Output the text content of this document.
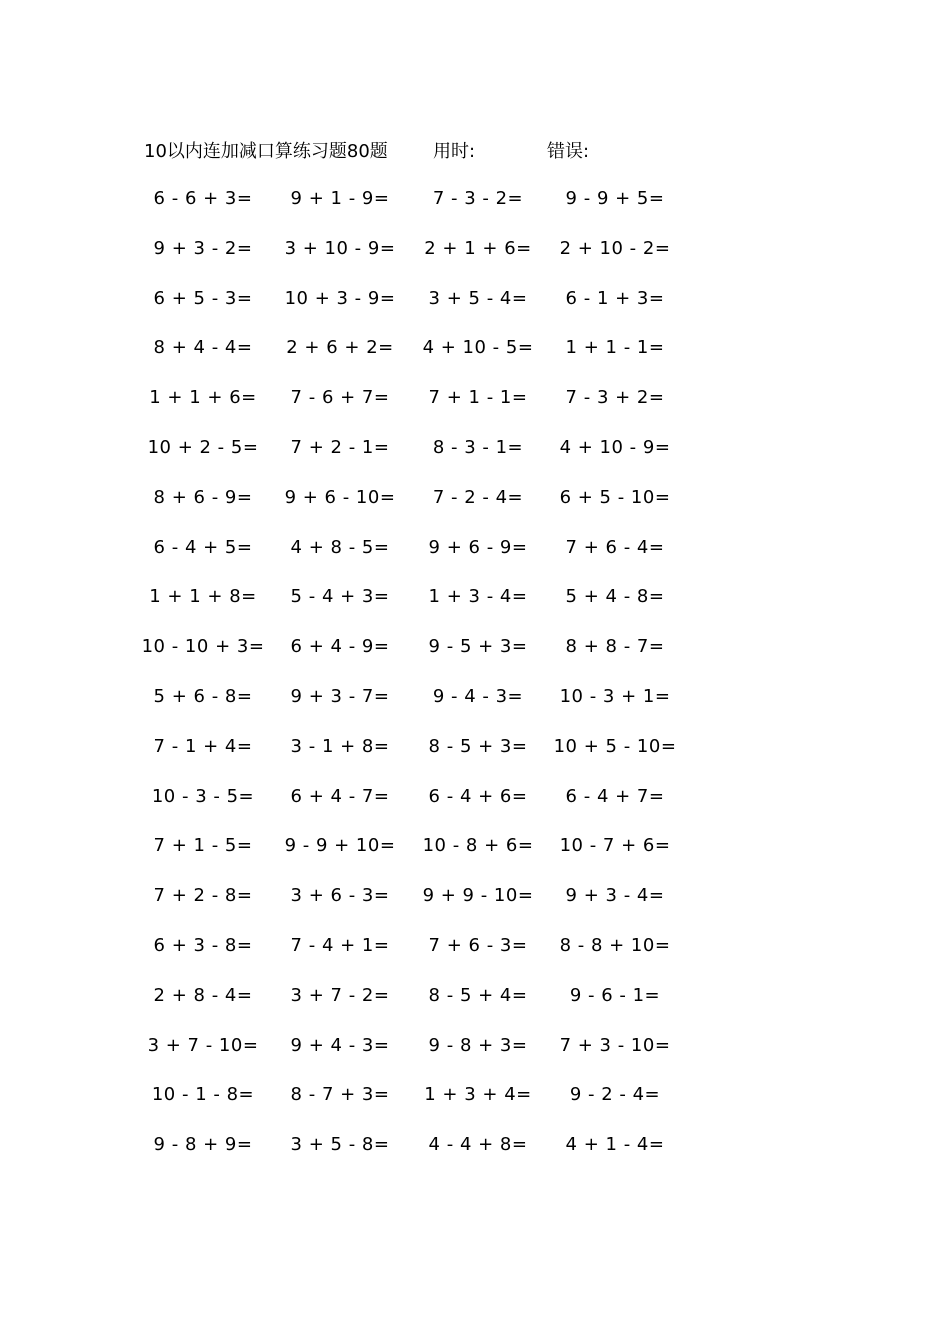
10以内连加减口算练习题80题	用时:	错误:
6 - 6 + 3=	9 + 1 - 9=	7 - 3 - 2=	9 - 9 + 5=
9 + 3 - 2=	3 + 10 - 9=	2 + 1 + 6=	2 + 10 - 2=
6 + 5 - 3=	10 + 3 - 9=	3 + 5 - 4=	6 - 1 + 3=
8 + 4 - 4=	2 + 6 + 2=	4 + 10 - 5=	1 + 1 - 1=
1 + 1 + 6=	7 - 6 + 7=	7 + 1 - 1=	7 - 3 + 2=
10 + 2 - 5=	7 + 2 - 1=	8 - 3 - 1=	4 + 10 - 9=
8 + 6 - 9=	9 + 6 - 10=	7 - 2 - 4=	6 + 5 - 10=
6 - 4 + 5=	4 + 8 - 5=	9 + 6 - 9=	7 + 6 - 4=
1 + 1 + 8=	5 - 4 + 3=	1 + 3 - 4=	5 + 4 - 8=
10 - 10 + 3=	6 + 4 - 9=	9 - 5 + 3=	8 + 8 - 7=
5 + 6 - 8=	9 + 3 - 7=	9 - 4 - 3=	10 - 3 + 1=
7 - 1 + 4=	3 - 1 + 8=	8 - 5 + 3=	10 + 5 - 10=
10 - 3 - 5=	6 + 4 - 7=	6 - 4 + 6=	6 - 4 + 7=
7 + 1 - 5=	9 - 9 + 10=	10 - 8 + 6=	10 - 7 + 6=
7 + 2 - 8=	3 + 6 - 3=	9 + 9 - 10=	9 + 3 - 4=
6 + 3 - 8=	7 - 4 + 1=	7 + 6 - 3=	8 - 8 + 10=
2 + 8 - 4=	3 + 7 - 2=	8 - 5 + 4=	9 - 6 - 1=
3 + 7 - 10=	9 + 4 - 3=	9 - 8 + 3=	7 + 3 - 10=
10 - 1 - 8=	8 - 7 + 3=	1 + 3 + 4=	9 - 2 - 4=
9 - 8 + 9=	3 + 5 - 8=	4 - 4 + 8=	4 + 1 - 4=
